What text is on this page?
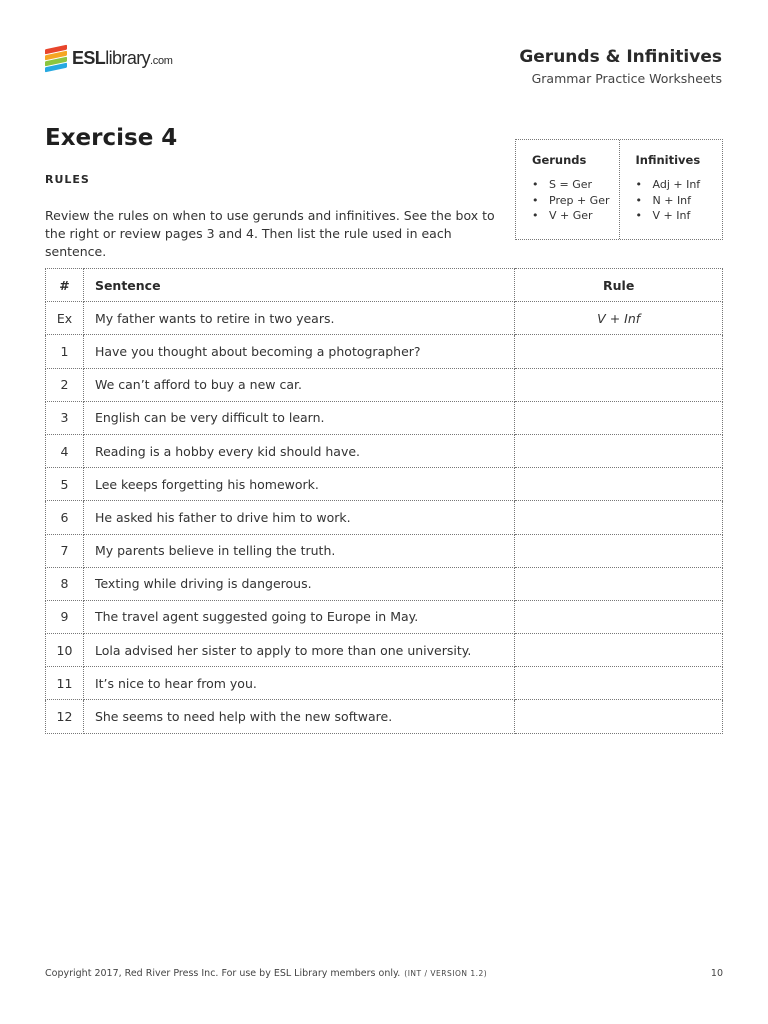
ESLlibrary.com	Gerunds & Infinitives
Grammar Practice Worksheets
Exercise 4
RULES

Review the rules on when to use gerunds and infinitives. See the box to the right or review pages 3 and 4. Then list the rule used in each sentence.

Gerunds
• S = Ger
• Prep + Ger
• V + Ger
Infinitives
• Adj + Inf
• N + Inf
• V + Inf
#	Sentence	Rule
Ex	My father wants to retire in two years.	V + Inf
1	Have you thought about becoming a photographer?	
2	We can’t afford to buy a new car.	
3	English can be very difficult to learn.	
4	Reading is a hobby every kid should have.	
5	Lee keeps forgetting his homework.	
6	He asked his father to drive him to work.	
7	My parents believe in telling the truth.	
8	Texting while driving is dangerous.	
9	The travel agent suggested going to Europe in May.	
10	Lola advised her sister to apply to more than one university.	
11	It’s nice to hear from you.	
12	She seems to need help with the new software.	
Copyright 2017, Red River Press Inc. For use by ESL Library members only. (INT / VERSION 1.2)	10
